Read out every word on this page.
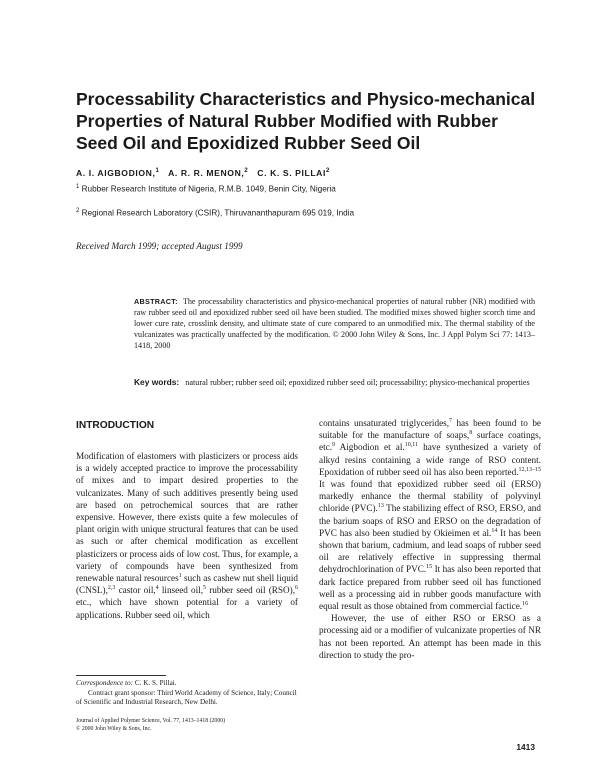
Processability Characteristics and Physico-mechanical Properties of Natural Rubber Modified with Rubber Seed Oil and Epoxidized Rubber Seed Oil

A. I. AIGBODION,$^1$ A. R. R. MENON,$^2$ C. K. S. PILLAI$^2$

$^1$ Rubber Research Institute of Nigeria, R.M.B. 1049, Benin City, Nigeria

$^2$ Regional Research Laboratory (CSIR), Thiruvananthapuram 695 019, India

Received March 1999; accepted August 1999

ABSTRACT: The processability characteristics and physico-mechanical properties of natural rubber (NR) modified with raw rubber seed oil and epoxidized rubber seed oil have been studied. The modified mixes showed higher scorch time and lower cure rate, crosslink density, and ultimate state of cure compared to an unmodified mix. The thermal stability of the vulcanizates was practically unaffected by the modification. © 2000 John Wiley & Sons, Inc. J Appl Polym Sci 77: 1413–1418, 2000

Key words: natural rubber; rubber seed oil; epoxidized rubber seed oil; processability; physico-mechanical properties

INTRODUCTION

Modification of elastomers with plasticizers or process aids is a widely accepted practice to improve the processability of mixes and to impart desired properties to the vulcanizates. Many of such additives presently being used are based on petrochemical sources that are rather expensive. However, there exists quite a few molecules of plant origin with unique structural features that can be used as such or after chemical modification as excellent plasticizers or process aids of low cost. Thus, for example, a variety of compounds have been synthesized from renewable natural resources$^1$ such as cashew nut shell liquid (CNSL),$^{2,3}$ castor oil,$^4$ linseed oil,$^5$ rubber seed oil (RSO),$^6$ etc., which have shown potential for a variety of applications. Rubber seed oil, which

contains unsaturated triglycerides,$^7$ has been found to be suitable for the manufacture of soaps,$^8$ surface coatings, etc.$^9$ Aigbodion et al.$^{10,11}$ have synthesized a variety of alkyd resins containing a wide range of RSO content. Epoxidation of rubber seed oil has also been reported.$^{12,13-15}$ It was found that epoxidized rubber seed oil (ERSO) markedly enhance the thermal stability of polyvinyl chloride (PVC).$^{13}$ The stabilizing effect of RSO, ERSO, and the barium soaps of RSO and ERSO on the degradation of PVC has also been studied by Okieimen et al.$^{14}$ It has been shown that barium, cadmium, and lead soaps of rubber seed oil are relatively effective in suppressing thermal dehydrochlorination of PVC.$^{15}$ It has also been reported that dark factice prepared from rubber seed oil has functioned well as a processing aid in rubber goods manufacture with equal result as those obtained from commercial factice.$^{16}$

However, the use of either RSO or ERSO as a processing aid or a modifier of vulcanizate properties of NR has not been reported. An attempt has been made in this direction to study the pro-

Correspondence to: C. K. S. Pillai.

Contract grant sponsor: Third World Academy of Science, Italy; Council of Scientific and Industrial Research, New Delhi.

Journal of Applied Polymer Science, Vol. 77, 1413–1418 (2000)
© 2000 John Wiley & Sons, Inc.

1413
